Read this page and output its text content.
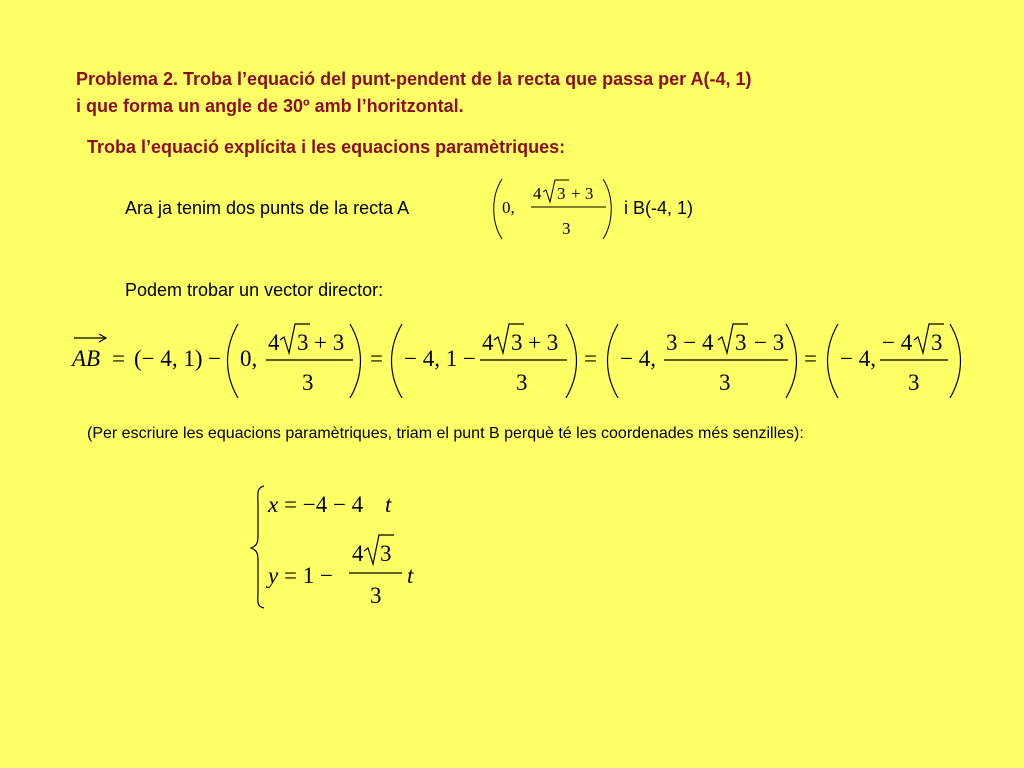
Problema 2. Troba l’equació del punt-pendent de la recta que passa per A(-4, 1)
i que forma un angle de 30º amb l’horitzontal.
Troba l’equació explícita i les equacions paramètriques:
Ara ja tenim dos punts de la recta A	0,
4 3 + 3
3
i B(-4, 1)
Podem trobar un vector director:
AB = (− 4, 1) − 0,
4 3 + 3
3
= − 4, 1 −
4 3 + 3
3
= − 4,
3 − 4 3 − 3
3
= − 4,
− 4 3
3
(Per escriure les equacions paramètriques, triam el punt B perquè té les coordenades més senzilles):
x = −4 − 4 t
y = 1 −
4 3
3
t
